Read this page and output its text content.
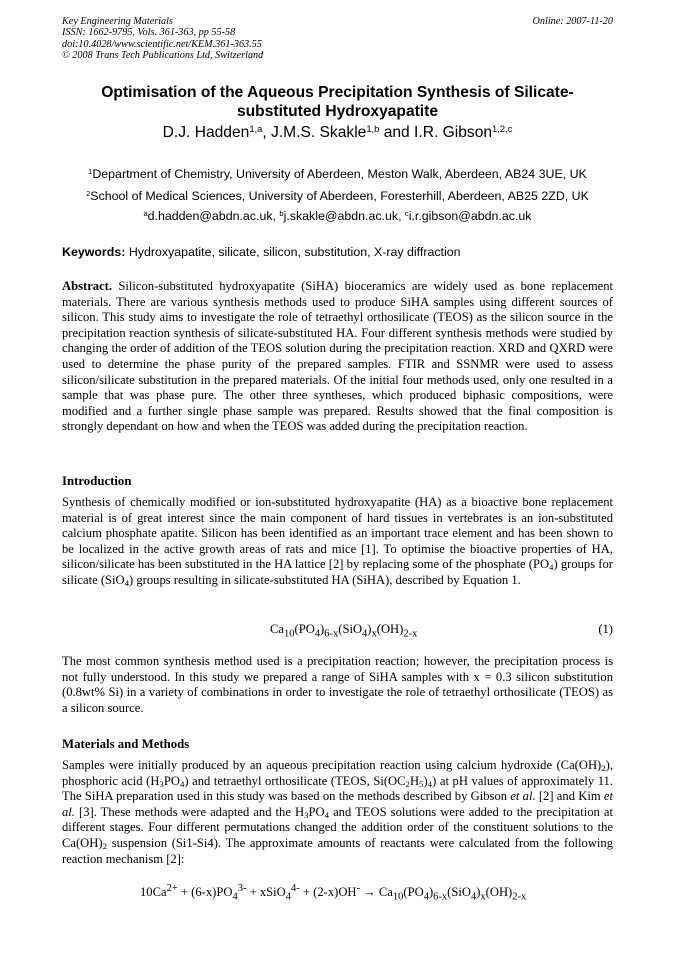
Key Engineering Materials
ISSN: 1662-9795, Vols. 361-363, pp 55-58
doi:10.4028/www.scientific.net/KEM.361-363.55
© 2008 Trans Tech Publications Ltd, Switzerland
Online: 2007-11-20
Optimisation of the Aqueous Precipitation Synthesis of Silicate-substituted Hydroxyapatite
D.J. Hadden$^{1,a}$, J.M.S. Skakle$^{1,b}$ and I.R. Gibson$^{1,2,c}$
$^1$Department of Chemistry, University of Aberdeen, Meston Walk, Aberdeen, AB24 3UE, UK
$^2$School of Medical Sciences, University of Aberdeen, Foresterhill, Aberdeen, AB25 2ZD, UK
$^a$d.hadden@abdn.ac.uk, $^b$j.skakle@abdn.ac.uk, $^c$i.r.gibson@abdn.ac.uk
Keywords: Hydroxyapatite, silicate, silicon, substitution, X-ray diffraction
Abstract. Silicon-substituted hydroxyapatite (SiHA) bioceramics are widely used as bone replacement materials. There are various synthesis methods used to produce SiHA samples using different sources of silicon. This study aims to investigate the role of tetraethyl orthosilicate (TEOS) as the silicon source in the precipitation reaction synthesis of silicate-substituted HA. Four different synthesis methods were studied by changing the order of addition of the TEOS solution during the precipitation reaction. XRD and QXRD were used to determine the phase purity of the prepared samples. FTIR and SSNMR were used to assess silicon/silicate substitution in the prepared materials. Of the initial four methods used, only one resulted in a sample that was phase pure. The other three syntheses, which produced biphasic compositions, were modified and a further single phase sample was prepared. Results showed that the final composition is strongly dependant on how and when the TEOS was added during the precipitation reaction.
Introduction
Synthesis of chemically modified or ion-substituted hydroxyapatite (HA) as a bioactive bone replacement material is of great interest since the main component of hard tissues in vertebrates is an ion-substituted calcium phosphate apatite. Silicon has been identified as an important trace element and has been shown to be localized in the active growth areas of rats and mice [1]. To optimise the bioactive properties of HA, silicon/silicate has been substituted in the HA lattice [2] by replacing some of the phosphate $(PO_4)$ groups for silicate (SiO$_4$) groups resulting in silicate-substituted HA (SiHA), described by Equation 1.
$Ca_{10}(PO_4)_{6-x}(SiO_4)_x(OH)_{2-x}$	(1)
The most common synthesis method used is a precipitation reaction; however, the precipitation process is not fully understood. In this study we prepared a range of SiHA samples with x = 0.3 silicon substitution (0.8wt% Si) in a variety of combinations in order to investigate the role of tetraethyl orthosilicate (TEOS) as a silicon source.
Materials and Methods
Samples were initially produced by an aqueous precipitation reaction using calcium hydroxide $(Ca(OH)_2)$, phosphoric acid $(H_3PO_4)$ and tetraethyl orthosilicate (TEOS, $Si(OC_2H_5)_4$) at pH values of approximately 11. The SiHA preparation used in this study was based on the methods described by Gibson et al. [2] and Kim et al. [3]. These methods were adapted and the $H_3PO_4$ and TEOS solutions were added to the precipitation at different stages. Four different permutations changed the addition order of the constituent solutions to the $Ca(OH)_2$ suspension (Si1-Si4). The approximate amounts of reactants were calculated from the following reaction mechanism [2]:
$10Ca^{2+} + (6-x)PO_4^{3-}$ + xSiO$_4^{4-}$ + $(2-x)OH^- \to Ca_{10}(PO_4)_{6-x}(SiO_4)_x(OH)_{2-x}$
